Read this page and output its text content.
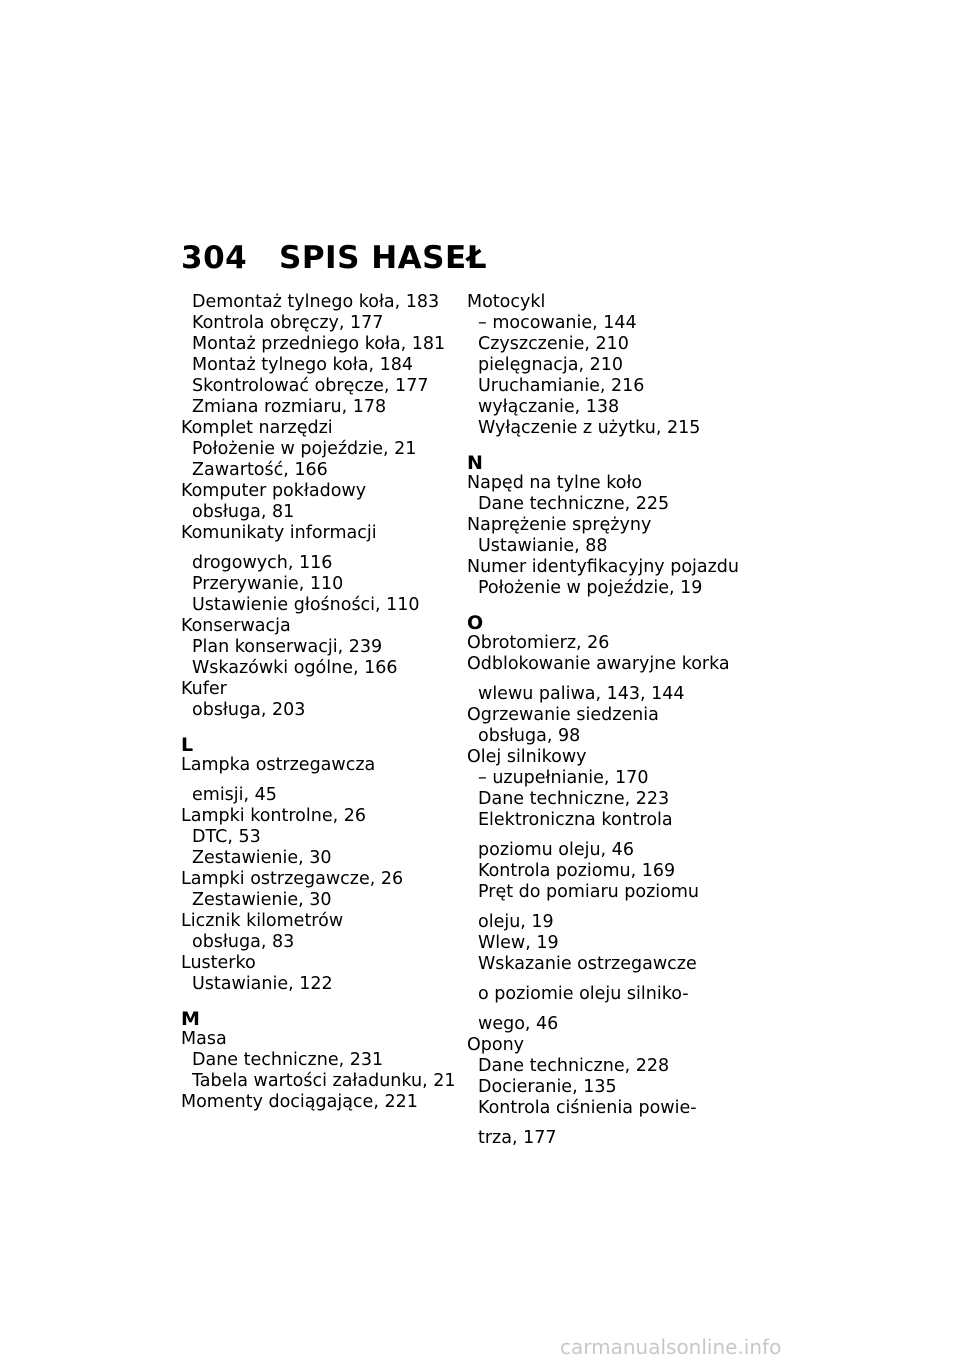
304 SPIS HASEŁ
Demontaż tylnego koła, 183
Kontrola obręczy, 177
Montaż przedniego koła, 181
Montaż tylnego koła, 184
Skontrolować obręcze, 177
Zmiana rozmiaru, 178
Komplet narzędzi
Położenie w pojeździe, 21
Zawartość, 166
Komputer pokładowy
obsługa, 81
Komunikaty informacji
drogowych, 116
Przerywanie, 110
Ustawienie głośności, 110
Konserwacja
Plan konserwacji, 239
Wskazówki ogólne, 166
Kufer
obsługa, 203
L
Lampka ostrzegawcza
emisji, 45
Lampki kontrolne, 26
DTC, 53
Zestawienie, 30
Lampki ostrzegawcze, 26
Zestawienie, 30
Licznik kilometrów
obsługa, 83
Lusterko
Ustawianie, 122
M
Masa
Dane techniczne, 231
Tabela wartości załadunku, 21
Momenty dociągające, 221
Motocykl
– mocowanie, 144
Czyszczenie, 210
pielęgnacja, 210
Uruchamianie, 216
wyłączanie, 138
Wyłączenie z użytku, 215
N
Napęd na tylne koło
Dane techniczne, 225
Naprężenie sprężyny
Ustawianie, 88
Numer identyfikacyjny pojazdu
Położenie w pojeździe, 19
O
Obrotomierz, 26
Odblokowanie awaryjne korka
wlewu paliwa, 143, 144
Ogrzewanie siedzenia
obsługa, 98
Olej silnikowy
– uzupełnianie, 170
Dane techniczne, 223
Elektroniczna kontrola
poziomu oleju, 46
Kontrola poziomu, 169
Pręt do pomiaru poziomu
oleju, 19
Wlew, 19
Wskazanie ostrzegawcze
o poziomie oleju silniko-
wego, 46
Opony
Dane techniczne, 228
Docieranie, 135
Kontrola ciśnienia powie-
trza, 177
carmanualsonline.info
